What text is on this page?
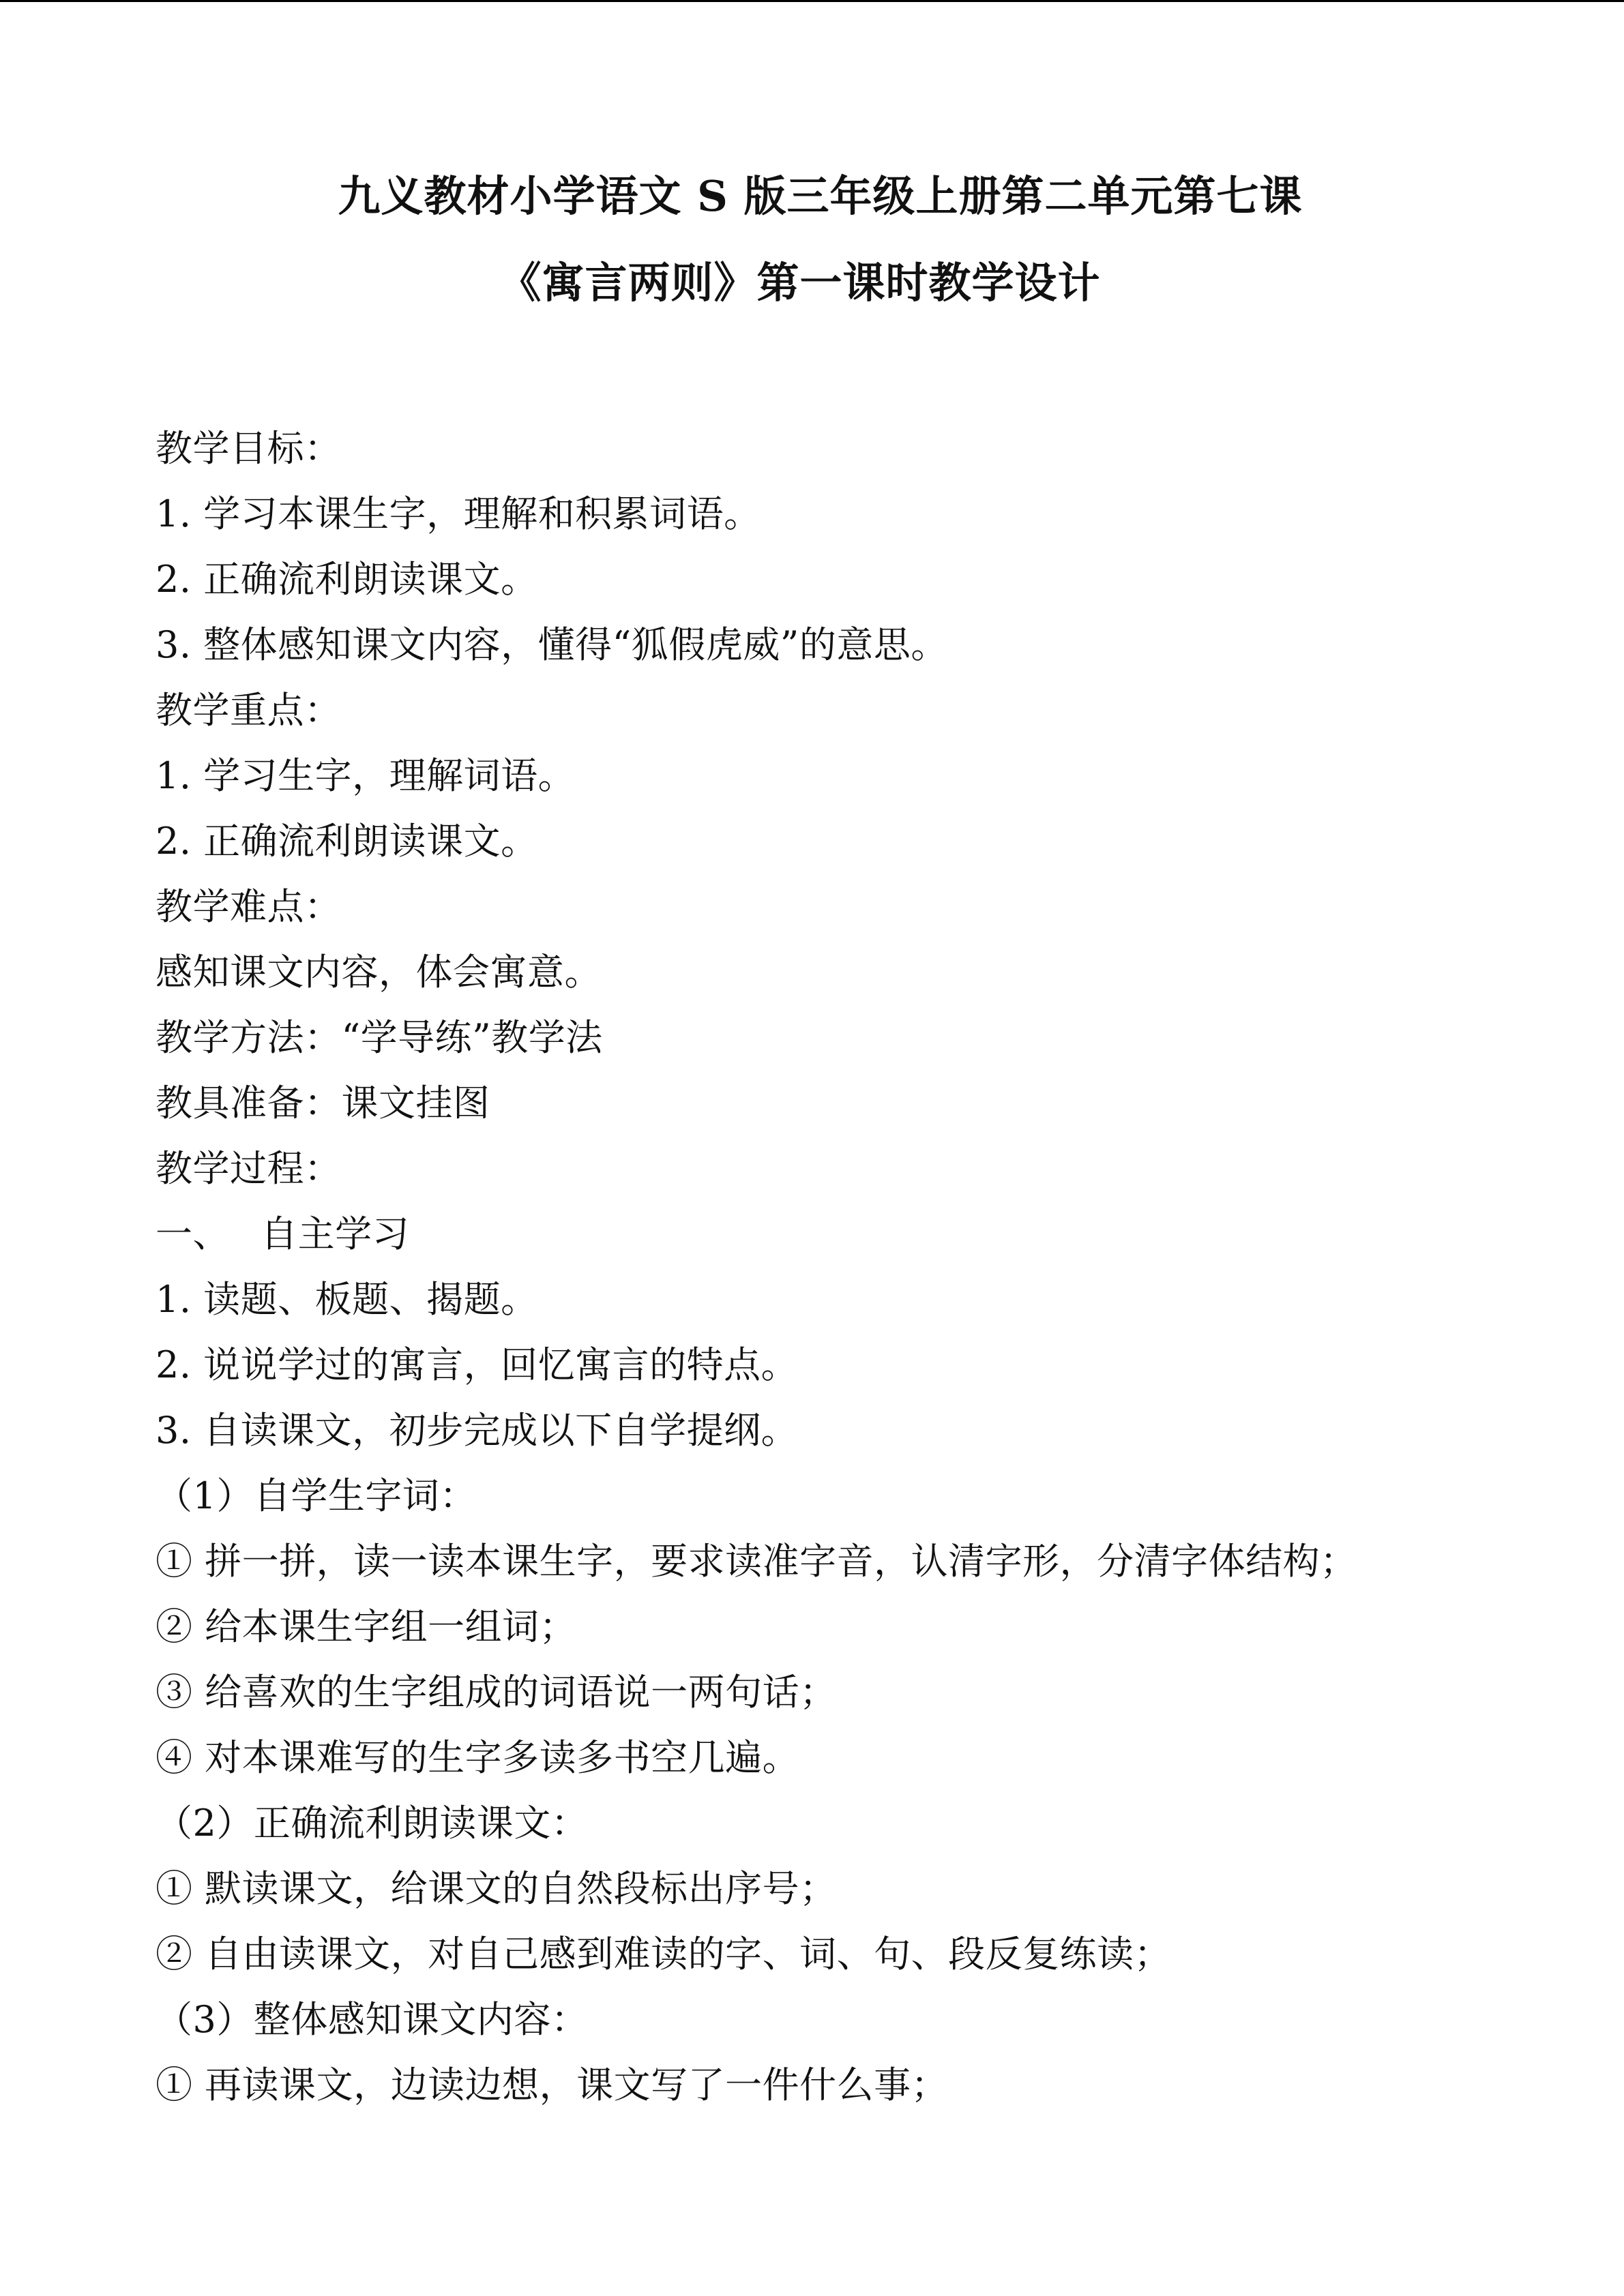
九义教材小学语文 S 版三年级上册第二单元第七课
《寓言两则》第一课时教学设计
教学目标：
1. 学习本课生字，理解和积累词语。
2. 正确流利朗读课文。
3. 整体感知课文内容，懂得“狐假虎威”的意思。
教学重点：
1. 学习生字，理解词语。
2. 正确流利朗读课文。
教学难点：
感知课文内容，体会寓意。
教学方法：“学导练”教学法
教具准备：课文挂图
教学过程：
一、　 自主学习
1. 读题、板题、揭题。
2. 说说学过的寓言，回忆寓言的特点。
3. 自读课文，初步完成以下自学提纲。
（1）自学生字词：
① 拼一拼，读一读本课生字，要求读准字音，认清字形，分清字体结构；
② 给本课生字组一组词；
③ 给喜欢的生字组成的词语说一两句话；
④ 对本课难写的生字多读多书空几遍。
（2）正确流利朗读课文：
① 默读课文，给课文的自然段标出序号；
② 自由读课文，对自己感到难读的字、词、句、段反复练读；
（3）整体感知课文内容：
① 再读课文，边读边想，课文写了一件什么事；
